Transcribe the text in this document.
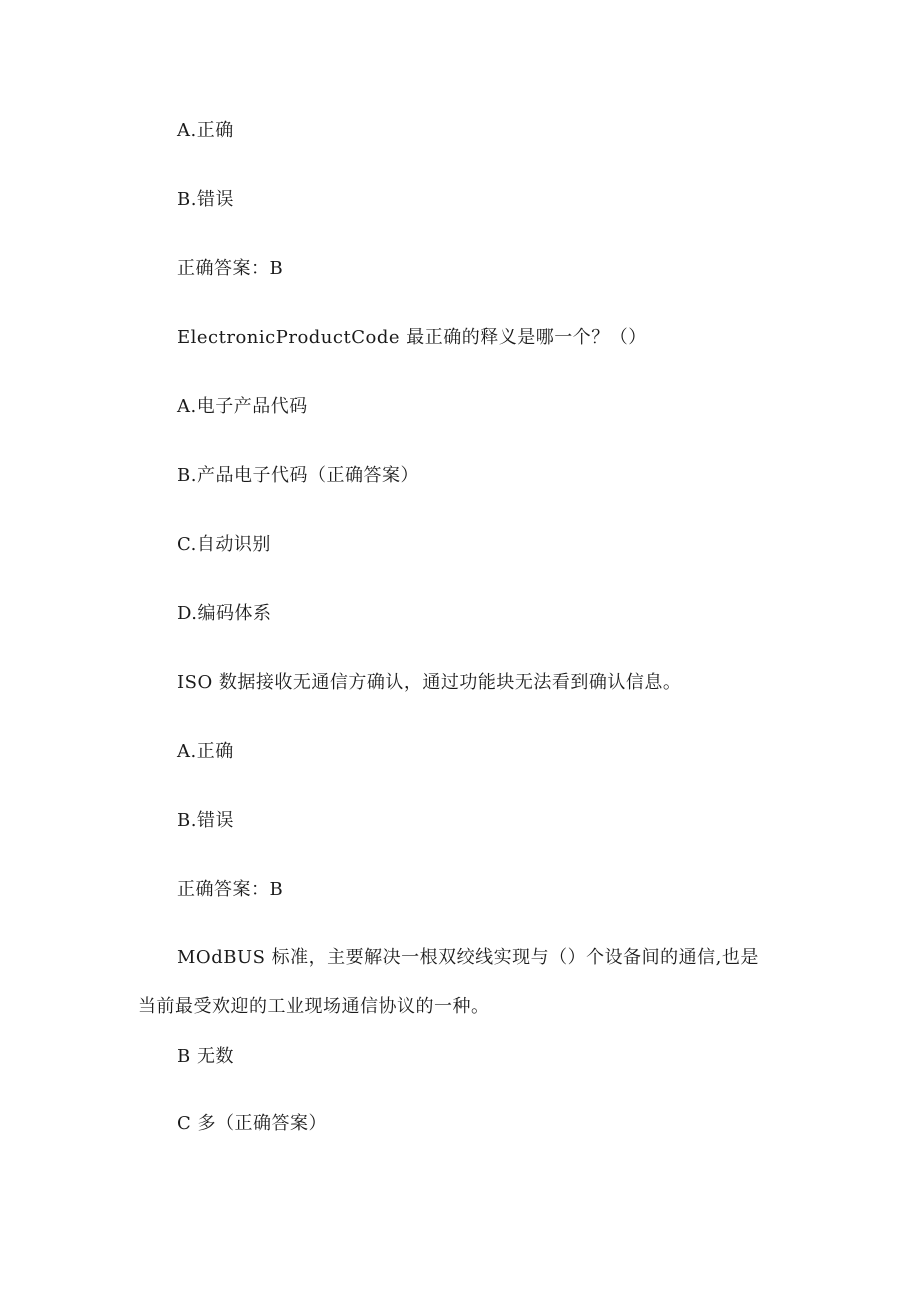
A.正确
B.错误
正确答案：B
ElectronicProductCode 最正确的释义是哪一个？（）
A.电子产品代码
B.产品电子代码（正确答案）
C.自动识别
D.编码体系
ISO 数据接收无通信方确认，通过功能块无法看到确认信息。
A.正确
B.错误
正确答案：B
MOdBUS 标准，主要解决一根双绞线实现与（）个设备间的通信,也是
当前最受欢迎的工业现场通信协议的一种。
B 无数
C 多（正确答案）
